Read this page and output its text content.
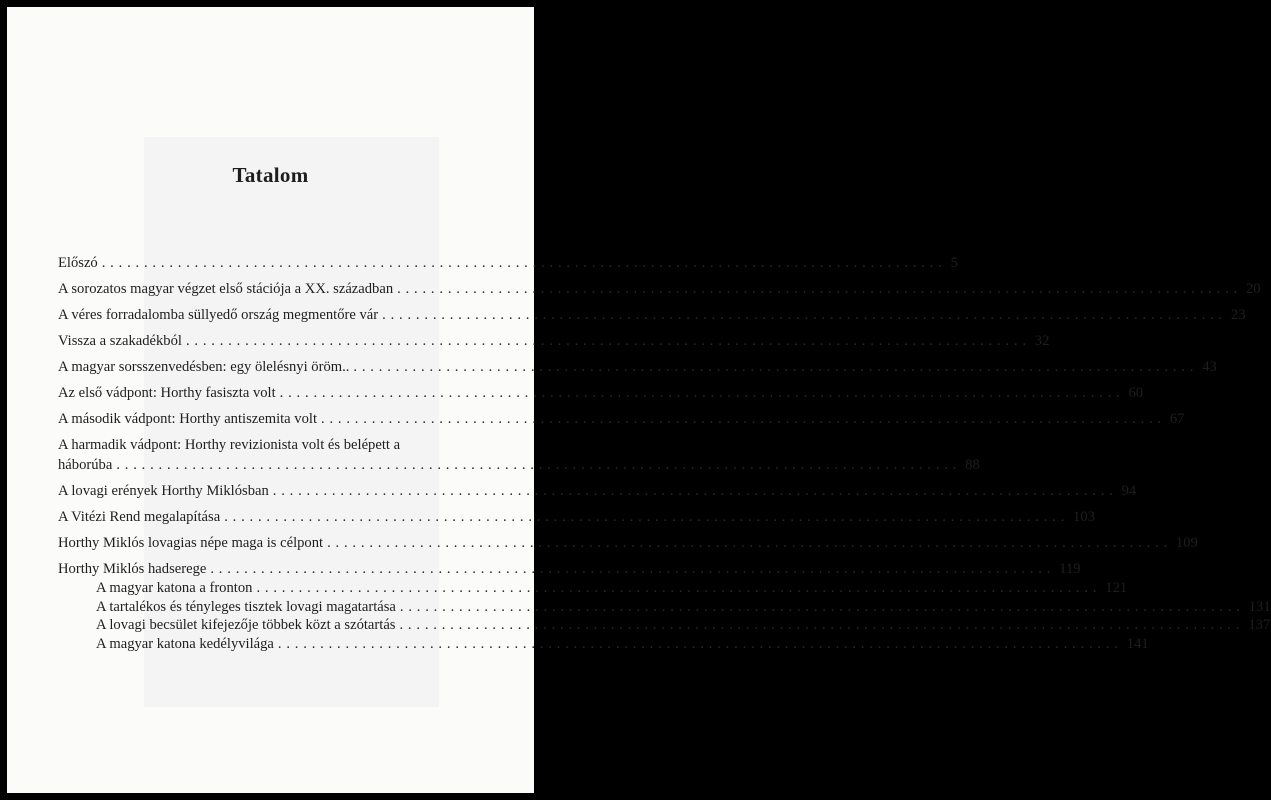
Tatalom
Előszó .................................................................................................... 5
A sorozatos magyar végzet első stációja a XX. században .................................................................................................... 20
A véres forradalomba süllyedő ország megmentőre vár .................................................................................................... 23
Vissza a szakadékból .................................................................................................... 32
A magyar sorsszenvedésben: egy ölelésnyi öröm.. .................................................................................................... 43
Az első vádpont: Horthy fasiszta volt .................................................................................................... 60
A második vádpont: Horthy antiszemita volt .................................................................................................... 67
A harmadik vádpont: Horthy revizionista volt és belépett a
háborúba .................................................................................................... 88
A lovagi erények Horthy Miklósban .................................................................................................... 94
A Vitézi Rend megalapítása .................................................................................................... 103
Horthy Miklós lovagias népe maga is célpont .................................................................................................... 109
Horthy Miklós hadserege .................................................................................................... 119
A magyar katona a fronton .................................................................................................... 121
A tartalékos és tényleges tisztek lovagi magatartása .................................................................................................... 131
A lovagi becsület kifejezője többek közt a szótartás .................................................................................................... 137
A magyar katona kedélyvilága .................................................................................................... 141
